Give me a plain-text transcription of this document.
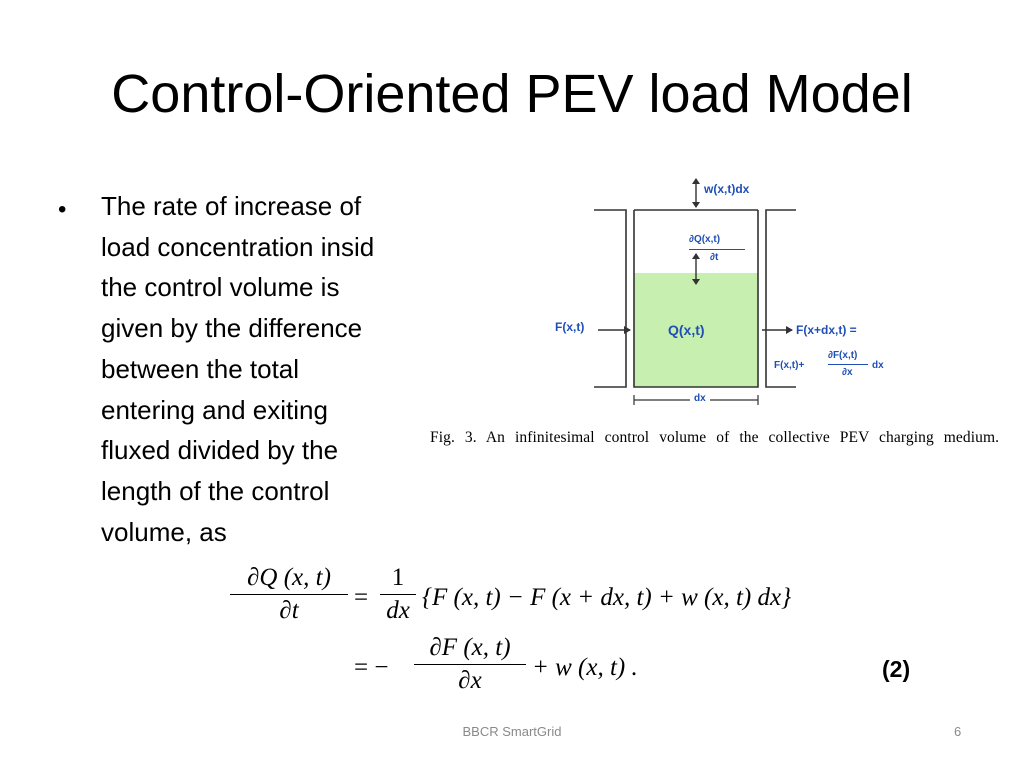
Control-Oriented PEV load Model
• The rate of increase of
load concentration insid
the control volume is
given by the difference
between the total
entering and exiting
fluxed divided by the
length of the control
volume, as
w(x,t)dx
∂Q(x,t)
∂t
Q(x,t)
F(x,t)	F(x+dx,t) =
F(x,t)+
∂F(x,t)
∂x
dx
dx
Fig. 3. An infinitesimal control volume of the collective PEV charging medium.
∂Q (x, t)
∂t	=
1
dx {F (x, t) − F (x + dx, t) + w (x, t) dx}
= −
∂F (x, t)
∂x	+ w (x, t) .	(2)
BBCR SmartGrid	6
